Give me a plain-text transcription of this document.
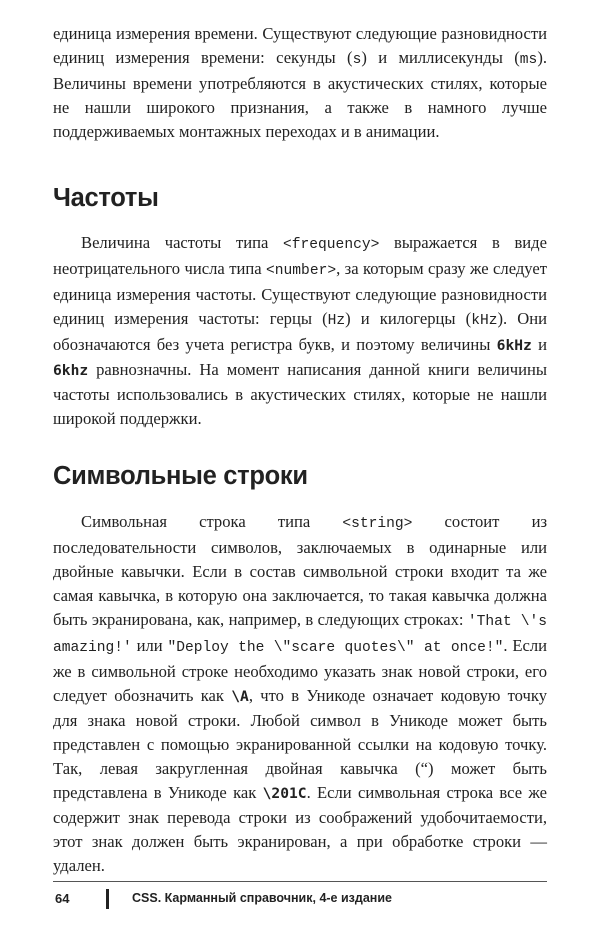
единица измерения времени. Существуют следующие разновидности единиц измерения времени: секунды (s) и миллисекунды (ms). Величины времени употребляются в акустических стилях, которые не нашли широкого признания, а также в намного лучше поддерживаемых монтажных переходах и в анимации.

Частоты

Величина частоты типа <frequency> выражается в виде неотрицательного числа типа <number>, за которым сразу же следует единица измерения частоты. Существуют следующие разновидности единиц измерения частоты: герцы (Hz) и килогерцы (kHz). Они обозначаются без учета регистра букв, и поэтому величины 6kHz и 6khz равнозначны. На момент написания данной книги величины частоты использовались в акустических стилях, которые не нашли широкой поддержки.

Символьные строки

Символьная строка типа <string> состоит из последовательности символов, заключаемых в одинарные или двойные кавычки. Если в состав символьной строки входит та же самая кавычка, в которую она заключается, то такая кавычка должна быть экранирована, как, например, в следующих строках: 'That \'s amazing!' или "Deploy the \"scare quotes\" at once!". Если же в символьной строке необходимо указать знак новой строки, его следует обозначить как \A, что в Уникоде означает кодовую точку для знака новой строки. Любой символ в Уникоде может быть представлен с помощью экранированной ссылки на кодовую точку. Так, левая закругленная двойная кавычка (“) может быть представлена в Уникоде как \201C. Если символьная строка все же содержит знак перевода строки из соображений удобочитаемости, этот знак должен быть экранирован, а при обработке строки — удален.

64	CSS. Карманный справочник, 4-е издание
